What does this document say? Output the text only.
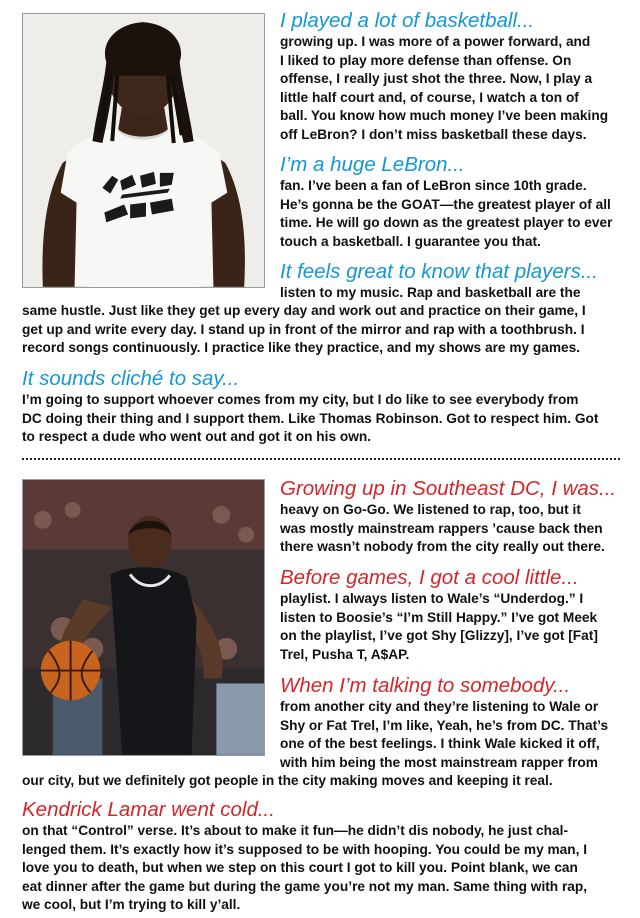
I played a lot of basketball...

growing up. I was more of a power forward, and
I liked to play more defense than offense. On
offense, I really just shot the three. Now, I play a
little half court and, of course, I watch a ton of
ball. You know how much money I’ve been making
off LeBron? I don’t miss basketball these days.

I’m a huge LeBron...

fan. I’ve been a fan of LeBron since 10th grade.
He’s gonna be the GOAT—the greatest player of all
time. He will go down as the greatest player to ever
touch a basketball. I guarantee you that.

It feels great to know that players...

listen to my music. Rap and basketball are the

same hustle. Just like they get up every day and work out and practice on their game, I
get up and write every day. I stand up in front of the mirror and rap with a toothbrush. I
record songs continuously. I practice like they practice, and my shows are my games.

It sounds cliché to say...

I’m going to support whoever comes from my city, but I do like to see everybody from
DC doing their thing and I support them. Like Thomas Robinson. Got to respect him. Got
to respect a dude who went out and got it on his own.

Growing up in Southeast DC, I was...

heavy on Go-Go. We listened to rap, too, but it
was mostly mainstream rappers ’cause back then
there wasn’t nobody from the city really out there.

Before games, I got a cool little...

playlist. I always listen to Wale’s “Underdog.” I
listen to Boosie’s “I’m Still Happy.” I’ve got Meek
on the playlist, I’ve got Shy [Glizzy], I’ve got [Fat]
Trel, Pusha T, A$AP.

When I’m talking to somebody...

from another city and they’re listening to Wale or
Shy or Fat Trel, I’m like, Yeah, he’s from DC. That’s
one of the best feelings. I think Wale kicked it off,
with him being the most mainstream rapper from

our city, but we definitely got people in the city making moves and keeping it real.

Kendrick Lamar went cold...

on that “Control” verse. It’s about to make it fun—he didn’t dis nobody, he just chal-
lenged them. It’s exactly how it’s supposed to be with hooping. You could be my man, I
love you to death, but when we step on this court I got to kill you. Point blank, we can
eat dinner after the game but during the game you’re not my man. Same thing with rap,
we cool, but I’m trying to kill y’all.
